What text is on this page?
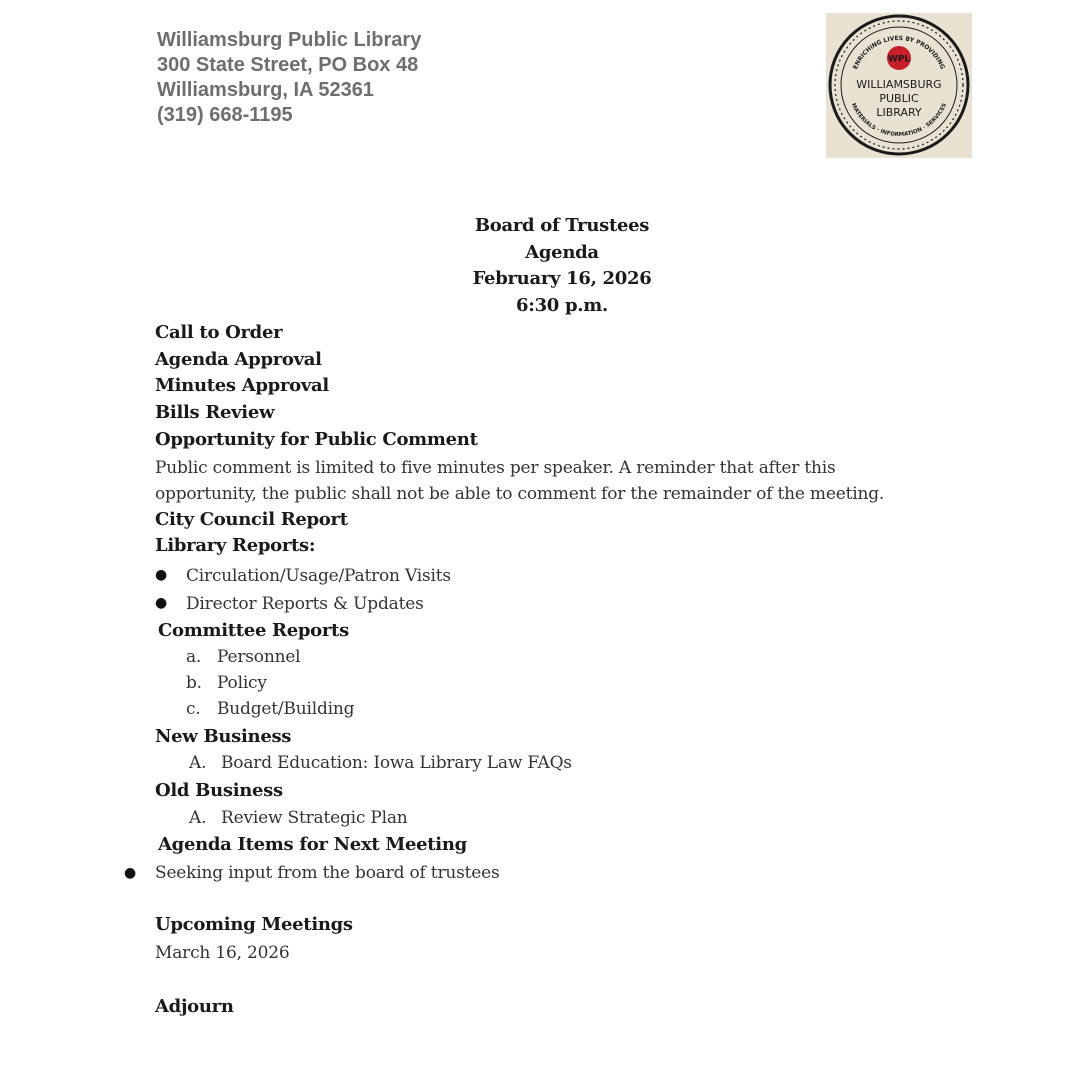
Williamsburg Public Library
300 State Street, PO Box 48
Williamsburg, IA 52361
(319) 668-1195
ENRICHING LIVES BY PROVIDING
MATERIALS · INFORMATION · SERVICES
WPL
WILLIAMSBURG
PUBLIC
LIBRARY
Board of Trustees
Agenda
February 16, 2026
6:30 p.m.
Call to Order
Agenda Approval
Minutes Approval
Bills Review
Opportunity for Public Comment
Public comment is limited to five minutes per speaker. A reminder that after this
opportunity, the public shall not be able to comment for the remainder of the meeting.
City Council Report
Library Reports:
● Circulation/Usage/Patron Visits
● Director Reports & Updates
Committee Reports
a. Personnel
b. Policy
c. Budget/Building
New Business
A. Board Education: Iowa Library Law FAQs
Old Business
A. Review Strategic Plan
Agenda Items for Next Meeting
● Seeking input from the board of trustees
Upcoming Meetings
March 16, 2026
Adjourn
